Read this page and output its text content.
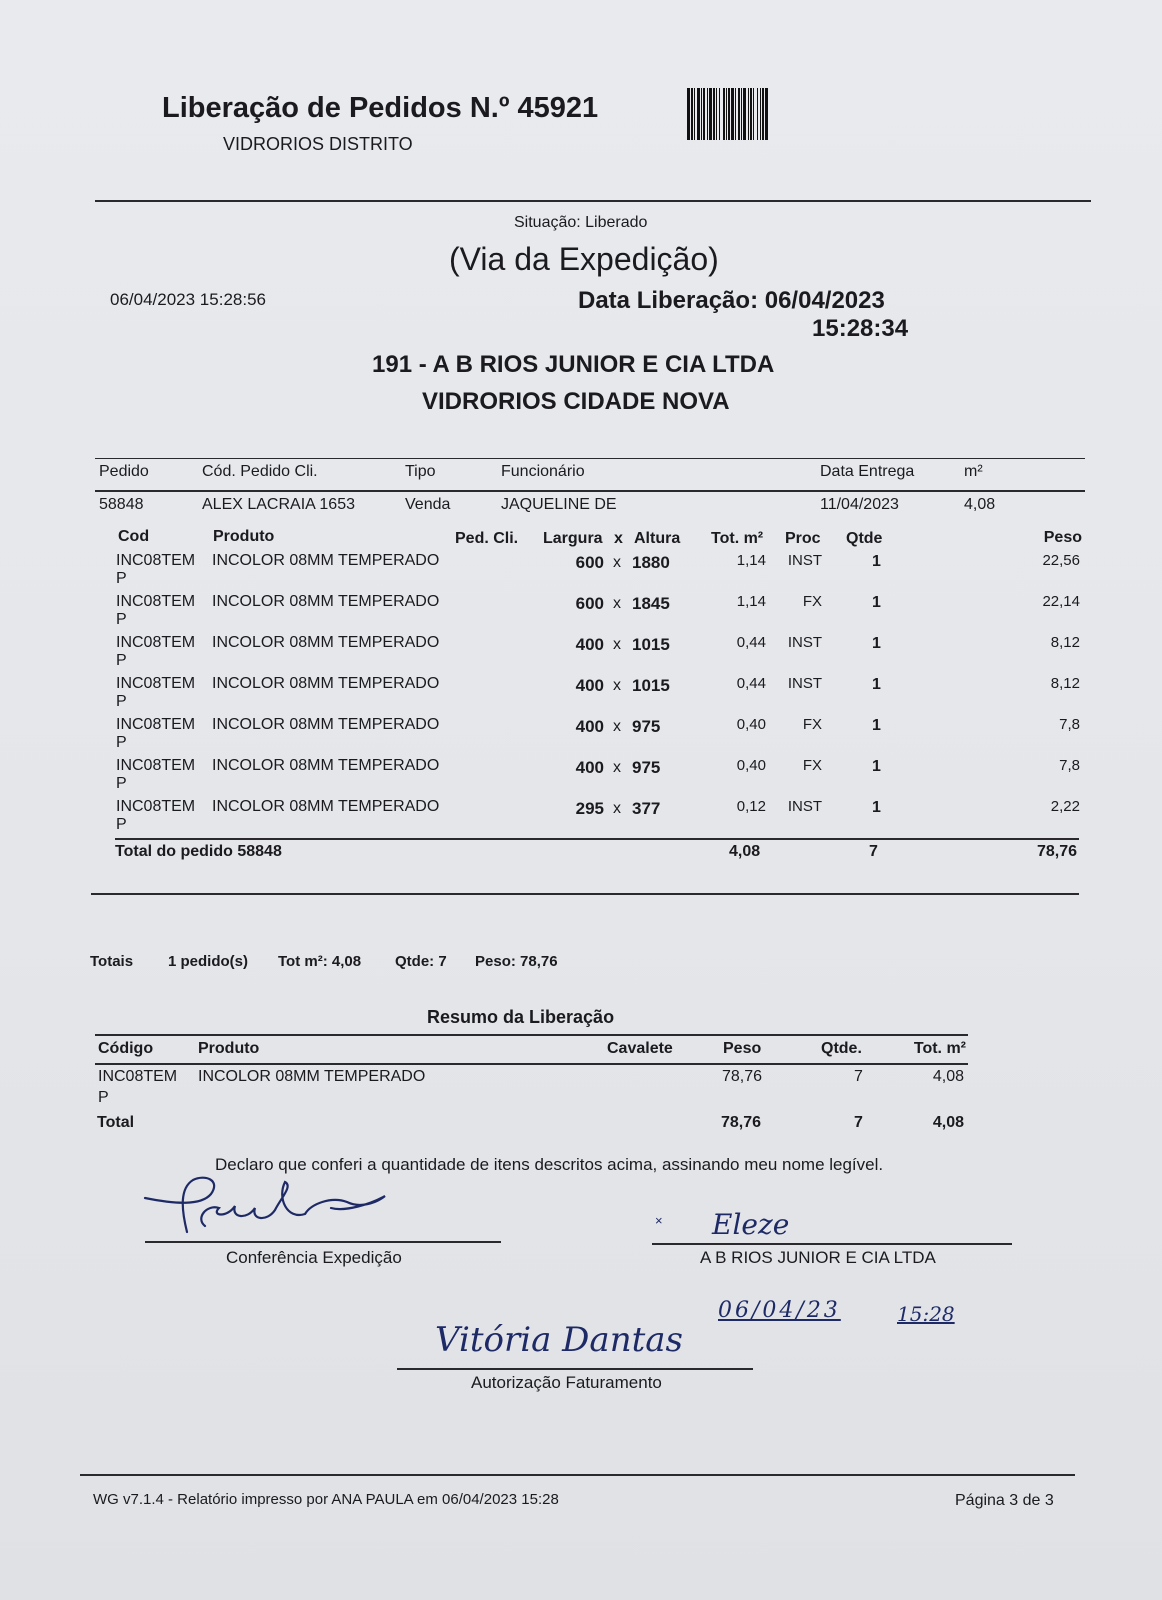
Liberação de Pedidos N.º 45921
VIDRORIOS DISTRITO
Situação: Liberado
(Via da Expedição)
06/04/2023 15:28:56	Data Liberação: 06/04/2023
15:28:34
191 - A B RIOS JUNIOR E CIA LTDA
VIDRORIOS CIDADE NOVA
Pedido	Cód. Pedido Cli.	Tipo	Funcionário	Data Entrega	m²
58848	ALEX LACRAIA 1653	Venda	JAQUELINE DE	11/04/2023	4,08
Cod	Produto	Ped. Cli. Largura x Altura Tot. m² Proc Qtde	Peso
INC08TEM
P
INCOLOR 08MM TEMPERADO	600 x 1880	1,14	INST	1	22,56
INC08TEM
P
INCOLOR 08MM TEMPERADO	600 x 1845	1,14	FX	1	22,14
INC08TEM
P
INCOLOR 08MM TEMPERADO	400 x 1015	0,44	INST	1	8,12
INC08TEM
P
INCOLOR 08MM TEMPERADO	400 x 1015	0,44	INST	1	8,12
INC08TEM
P
INCOLOR 08MM TEMPERADO	400 x 975	0,40	FX	1	7,8
INC08TEM
P
INCOLOR 08MM TEMPERADO	400 x 975	0,40	FX	1	7,8
INC08TEM
P
INCOLOR 08MM TEMPERADO	295 x 377	0,12	INST	1	2,22
Total do pedido 58848	4,08	7	78,76
Totais 1 pedido(s) Tot m²: 4,08 Qtde: 7 Peso: 78,76
Resumo da Liberação
Código	Produto	Cavalete	Peso	Qtde.	Tot. m²
INC08TEM
P
INCOLOR 08MM TEMPERADO	78,76	7	4,08
Total	78,76	7	4,08
Declaro que conferi a quantidade de itens descritos acima, assinando meu nome legível.
Conferência Expedição
× Eleze
A B RIOS JUNIOR E CIA LTDA
06/04/23	15:28
Vitória Dantas
Autorização Faturamento
WG v7.1.4 - Relatório impresso por ANA PAULA em 06/04/2023 15:28	Página 3 de 3
